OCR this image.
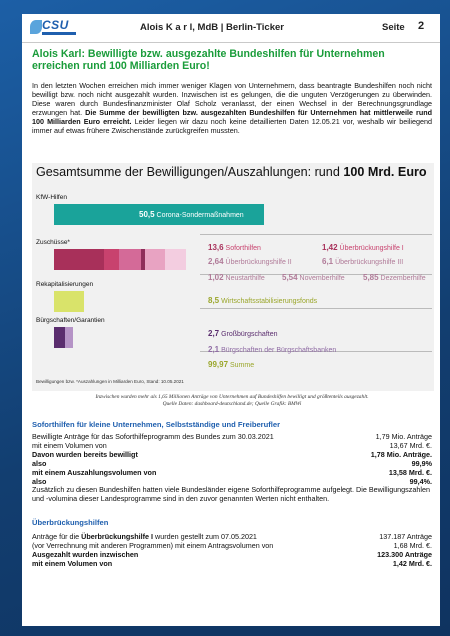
CSU	Alois K a r l, MdB | Berlin-Ticker	Seite 2
Alois Karl: Bewilligte bzw. ausgezahlte Bundeshilfen für Unternehmen erreichen rund 100 Milliarden Euro!
In den letzten Wochen erreichen mich immer weniger Klagen von Unternehmern, dass beantragte Bundeshilfen noch nicht bewilligt bzw. noch nicht ausgezahlt wurden. Inzwischen ist es gelungen, die die unguten Verzögerungen zu überwinden. Diese waren durch Bundesfinanzminister Olaf Scholz veranlasst, der einen Wechsel in der Berechnungsgrundlage erzwungen hat. Die Summe der bewilligten bzw. ausgezahlten Bundeshilfen für Unternehmen hat mittlerweile rund 100 Milliarden Euro erreicht. Leider liegen wir dazu noch keine detaillierten Daten 12.05.21 vor, weshalb wir beiliegend immer auf etwas frühere Zwischenstände zurückgreifen mussten.
Gesamtsumme der Bewilligungen/Auszahlungen: rund 100 Mrd. Euro
KfW-Hilfen
50,5 Corona-Sondermaßnahmen
Zuschüsse*
13,6 Soforthilfen	1,42 Überbrückungshilfe I
2,64 Überbrückungshilfe II	6,1 Überbrückungshilfe III
1,02 Neustarthilfe 5,54 Novemberhilfe 5,85 Dezemberhilfe
Rekapitalisierungen
8,5 Wirtschaftsstabilisierungsfonds
Bürgschaften/Garantien
2,7 Großbürgschaften
2,1 Bürgschaften der Bürgschaftsbanken
99,97 Summe
Bewilligungen bzw. *Auszahlungen in Milliarden Euro, Stand: 10.05.2021
Inzwischen wurden mehr als 1,65 Millionen Anträge von Unternehmen auf Bundeshilfen bewilligt und größtenteils ausgezahlt.
Quelle Daten: dashboard-deutschland.de; Quelle Grafik: BMWi
Soforthilfen für kleine Unternehmen, Selbstständige und Freiberufler
Bewilligte Anträge für das Soforthilfeprogramm des Bundes zum 30.03.2021	1,79 Mio. Anträge
mit einem Volumen von	13,67 Mrd. €.
Davon wurden bereits bewilligt	1,78 Mio. Anträge.
also	99,9%
mit einem Auszahlungsvolumen von	13,58 Mrd. €.
also	99,4%.
Zusätzlich zu diesen Bundeshilfen hatten viele Bundesländer eigene Soforthilfeprogramme aufgelegt. Die Bewilligungszahlen und -volumina dieser Landesprogramme sind in den zuvor genannten Werten nicht enthalten.
Überbrückungshilfen
Anträge für die Überbrückungshilfe I wurden gestellt zum 07.05.2021	137.187 Anträge
(vor Verrechnung mit anderen Programmen) mit einem Antragsvolumen von	1,68 Mrd. €.
Ausgezahlt wurden inzwischen	123.300 Anträge
mit einem Volumen von	1,42 Mrd. €.
